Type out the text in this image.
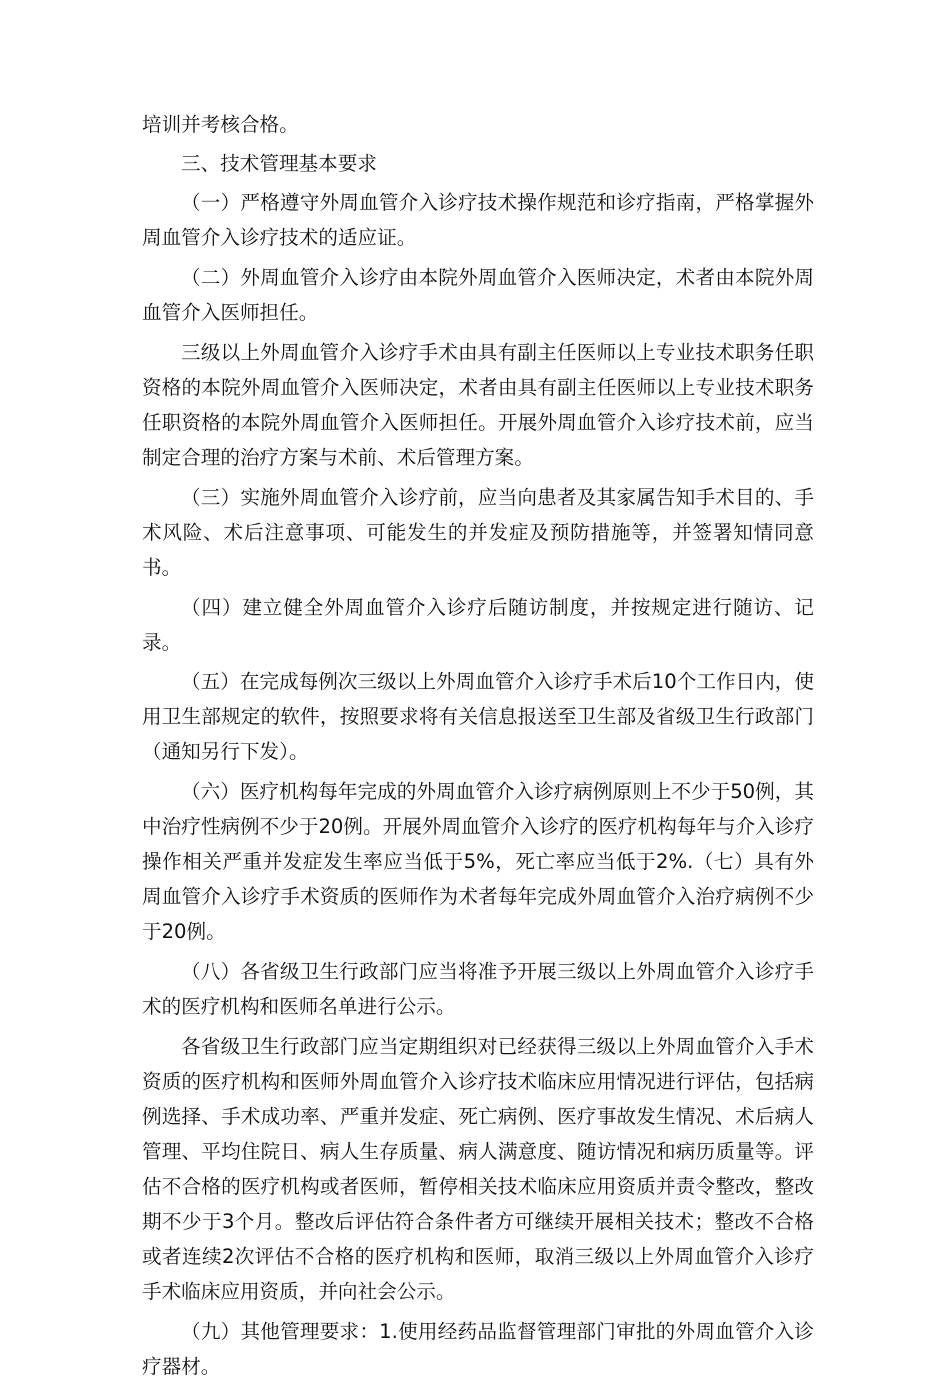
培训并考核合格。

三、技术管理基本要求

（一）严格遵守外周血管介入诊疗技术操作规范和诊疗指南，严格掌握外周血管介入诊疗技术的适应证。

（二）外周血管介入诊疗由本院外周血管介入医师决定，术者由本院外周血管介入医师担任。

三级以上外周血管介入诊疗手术由具有副主任医师以上专业技术职务任职资格的本院外周血管介入医师决定，术者由具有副主任医师以上专业技术职务任职资格的本院外周血管介入医师担任。开展外周血管介入诊疗技术前，应当制定合理的治疗方案与术前、术后管理方案。

（三）实施外周血管介入诊疗前，应当向患者及其家属告知手术目的、手术风险、术后注意事项、可能发生的并发症及预防措施等，并签署知情同意书。

（四）建立健全外周血管介入诊疗后随访制度，并按规定进行随访、记录。

（五）在完成每例次三级以上外周血管介入诊疗手术后10个工作日内，使用卫生部规定的软件，按照要求将有关信息报送至卫生部及省级卫生行政部门（通知另行下发）。

（六）医疗机构每年完成的外周血管介入诊疗病例原则上不少于50例，其中治疗性病例不少于20例。开展外周血管介入诊疗的医疗机构每年与介入诊疗操作相关严重并发症发生率应当低于5%，死亡率应当低于2%.（七）具有外周血管介入诊疗手术资质的医师作为术者每年完成外周血管介入治疗病例不少于20例。

（八）各省级卫生行政部门应当将准予开展三级以上外周血管介入诊疗手术的医疗机构和医师名单进行公示。

各省级卫生行政部门应当定期组织对已经获得三级以上外周血管介入手术资质的医疗机构和医师外周血管介入诊疗技术临床应用情况进行评估，包括病例选择、手术成功率、严重并发症、死亡病例、医疗事故发生情况、术后病人管理、平均住院日、病人生存质量、病人满意度、随访情况和病历质量等。评估不合格的医疗机构或者医师，暂停相关技术临床应用资质并责令整改，整改期不少于3个月。整改后评估符合条件者方可继续开展相关技术；整改不合格或者连续2次评估不合格的医疗机构和医师，取消三级以上外周血管介入诊疗手术临床应用资质，并向社会公示。

（九）其他管理要求：1.使用经药品监督管理部门审批的外周血管介入诊疗器材。
